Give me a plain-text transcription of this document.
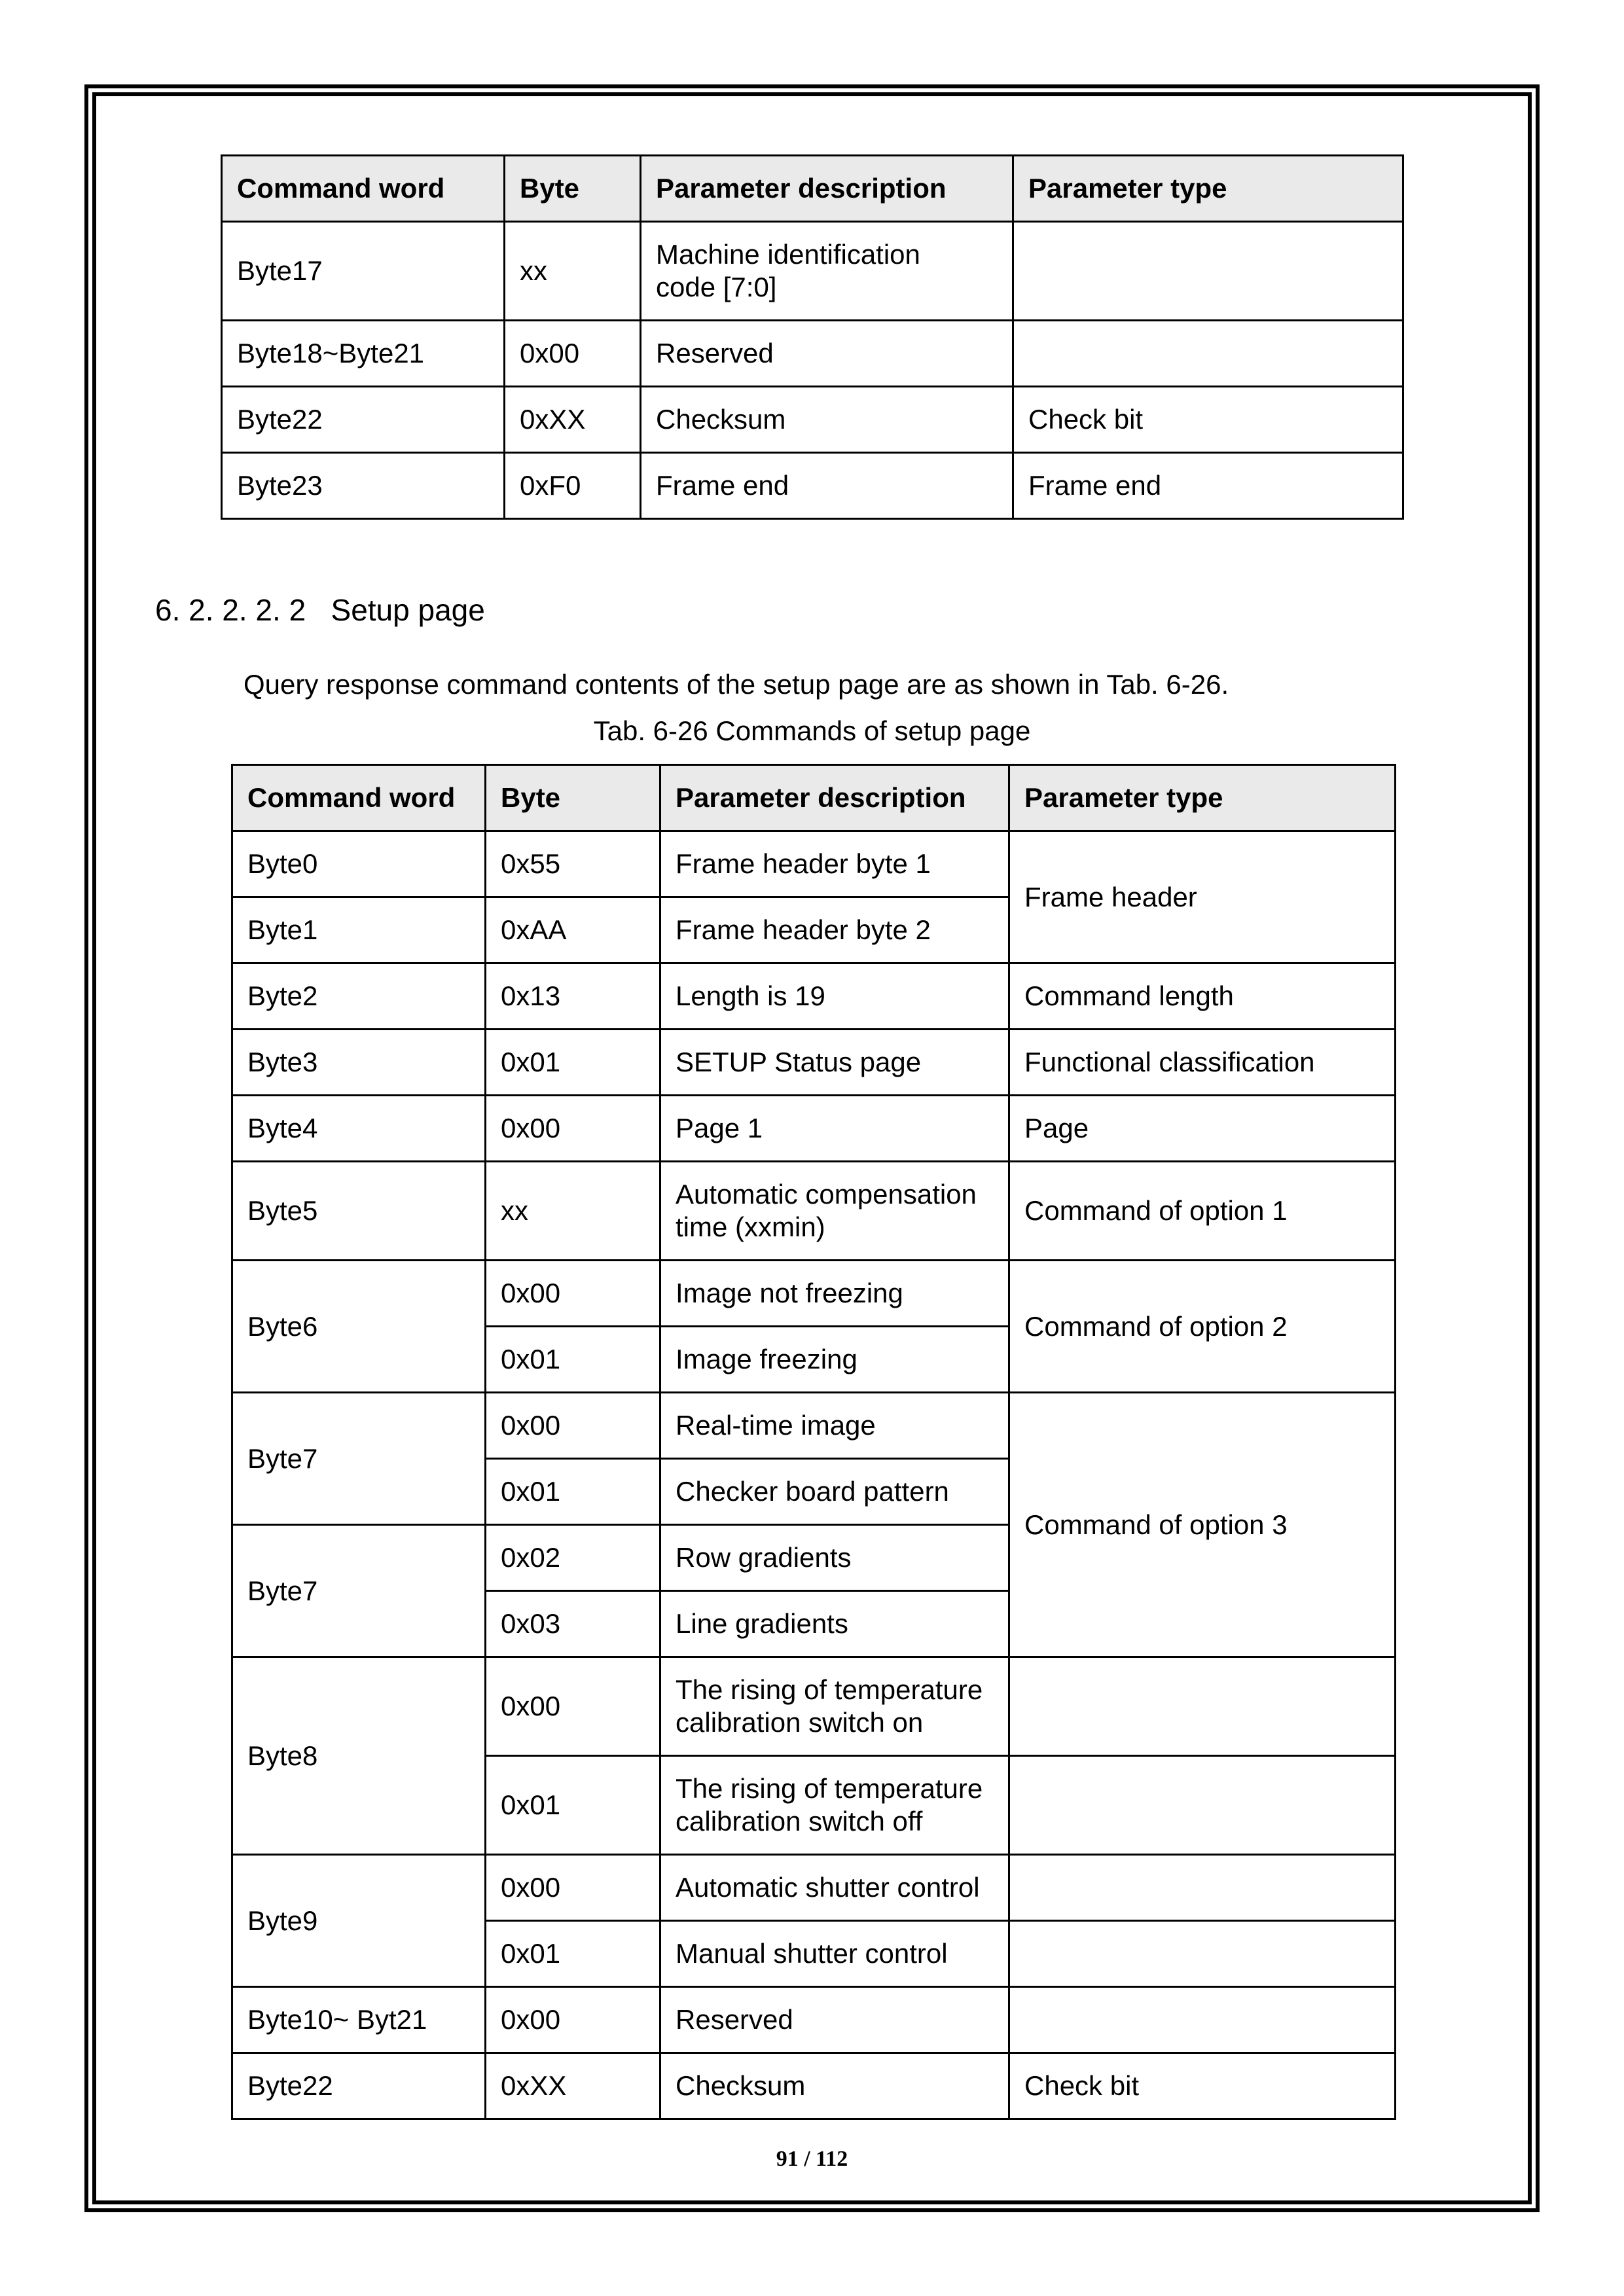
Command word	Byte	Parameter description	Parameter type
Byte17	xx	Machine identification code [7:0]	
Byte18~Byte21	0x00	Reserved	
Byte22	0xXX	Checksum	Check bit
Byte23	0xF0	Frame end	Frame end
6. 2. 2. 2. 2 Setup page
Query response command contents of the setup page are as shown in Tab. 6-26.
Tab. 6-26 Commands of setup page
Command word	Byte	Parameter description	Parameter type
Byte0	0x55	Frame header byte 1	Frame header
Byte1	0xAA	Frame header byte 2	
Byte2	0x13	Length is 19	Command length
Byte3	0x01	SETUP Status page	Functional classification
Byte4	0x00	Page 1	Page
Byte5	xx	Automatic compensation time (xxmin)	Command of option 1
Byte6	0x00	Image not freezing	Command of option 2
	0x01	Image freezing	
Byte7	0x00	Real-time image	Command of option 3
	0x01	Checker board pattern	
Byte7	0x02	Row gradients	
	0x03	Line gradients	
Byte8	0x00	The rising of temperature calibration switch on	
	0x01	The rising of temperature calibration switch off	
Byte9	0x00	Automatic shutter control	
	0x01	Manual shutter control	
Byte10~ Byt21	0x00	Reserved	
Byte22	0xXX	Checksum	Check bit
91 / 112
